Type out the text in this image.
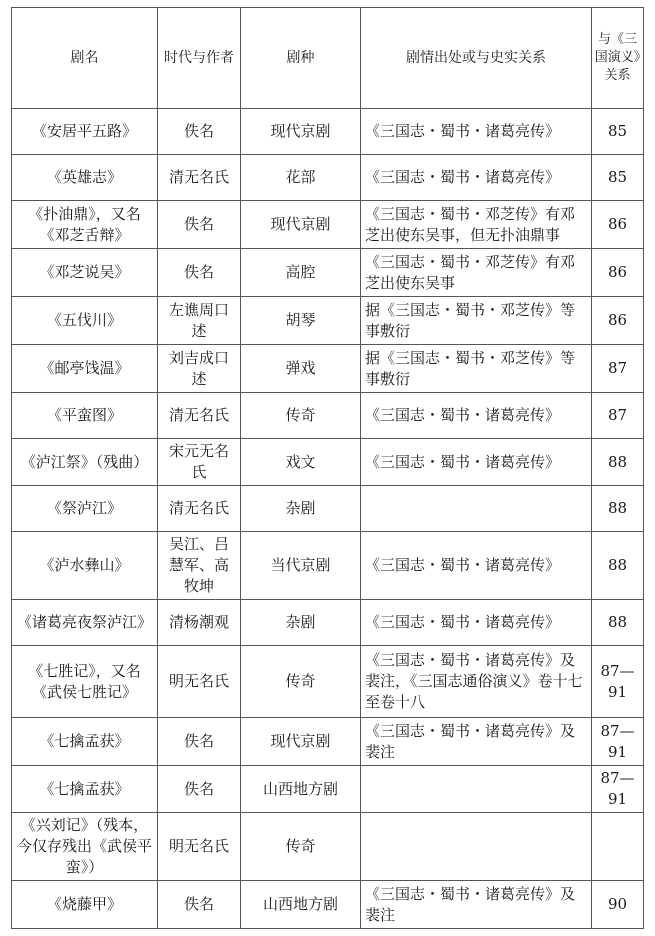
剧名	时代与作者	剧种	剧情出处或与史实关系	与《三国演义》关系
《安居平五路》	佚名	现代京剧	《三国志・蜀书・诸葛亮传》	85
《英雄志》	清无名氏	花部	《三国志・蜀书・诸葛亮传》	85
《扑油鼎》，又名《邓芝舌辩》	佚名	现代京剧	《三国志・蜀书・邓芝传》有邓芝出使东吴事，但无扑油鼎事	86
《邓芝说吴》	佚名	高腔	《三国志・蜀书・邓芝传》有邓芝出使东吴事	86
《五伐川》	左谯周口述	胡琴	据《三国志・蜀书・邓芝传》等事敷衍	86
《邮亭饯温》	刘吉成口述	弹戏	据《三国志・蜀书・邓芝传》等事敷衍	87
《平蛮图》	清无名氏	传奇	《三国志・蜀书・诸葛亮传》	87
《泸江祭》（残曲）	宋元无名氏	戏文	《三国志・蜀书・诸葛亮传》	88
《祭泸江》	清无名氏	杂剧		88
《泸水彝山》	吴江、吕慧军、高牧坤	当代京剧	《三国志・蜀书・诸葛亮传》	88
《诸葛亮夜祭泸江》	清杨潮观	杂剧	《三国志・蜀书・诸葛亮传》	88
《七胜记》，又名《武侯七胜记》	明无名氏	传奇	《三国志・蜀书・诸葛亮传》及裴注，《三国志通俗演义》卷十七至卷十八	87—91
《七擒孟获》	佚名	现代京剧	《三国志・蜀书・诸葛亮传》及裴注	87—91
《七擒孟获》	佚名	山西地方剧		87—91
《兴刘记》（残本，今仅存残出《武侯平蛮》）	明无名氏	传奇		
《烧藤甲》	佚名	山西地方剧	《三国志・蜀书・诸葛亮传》及裴注	90
